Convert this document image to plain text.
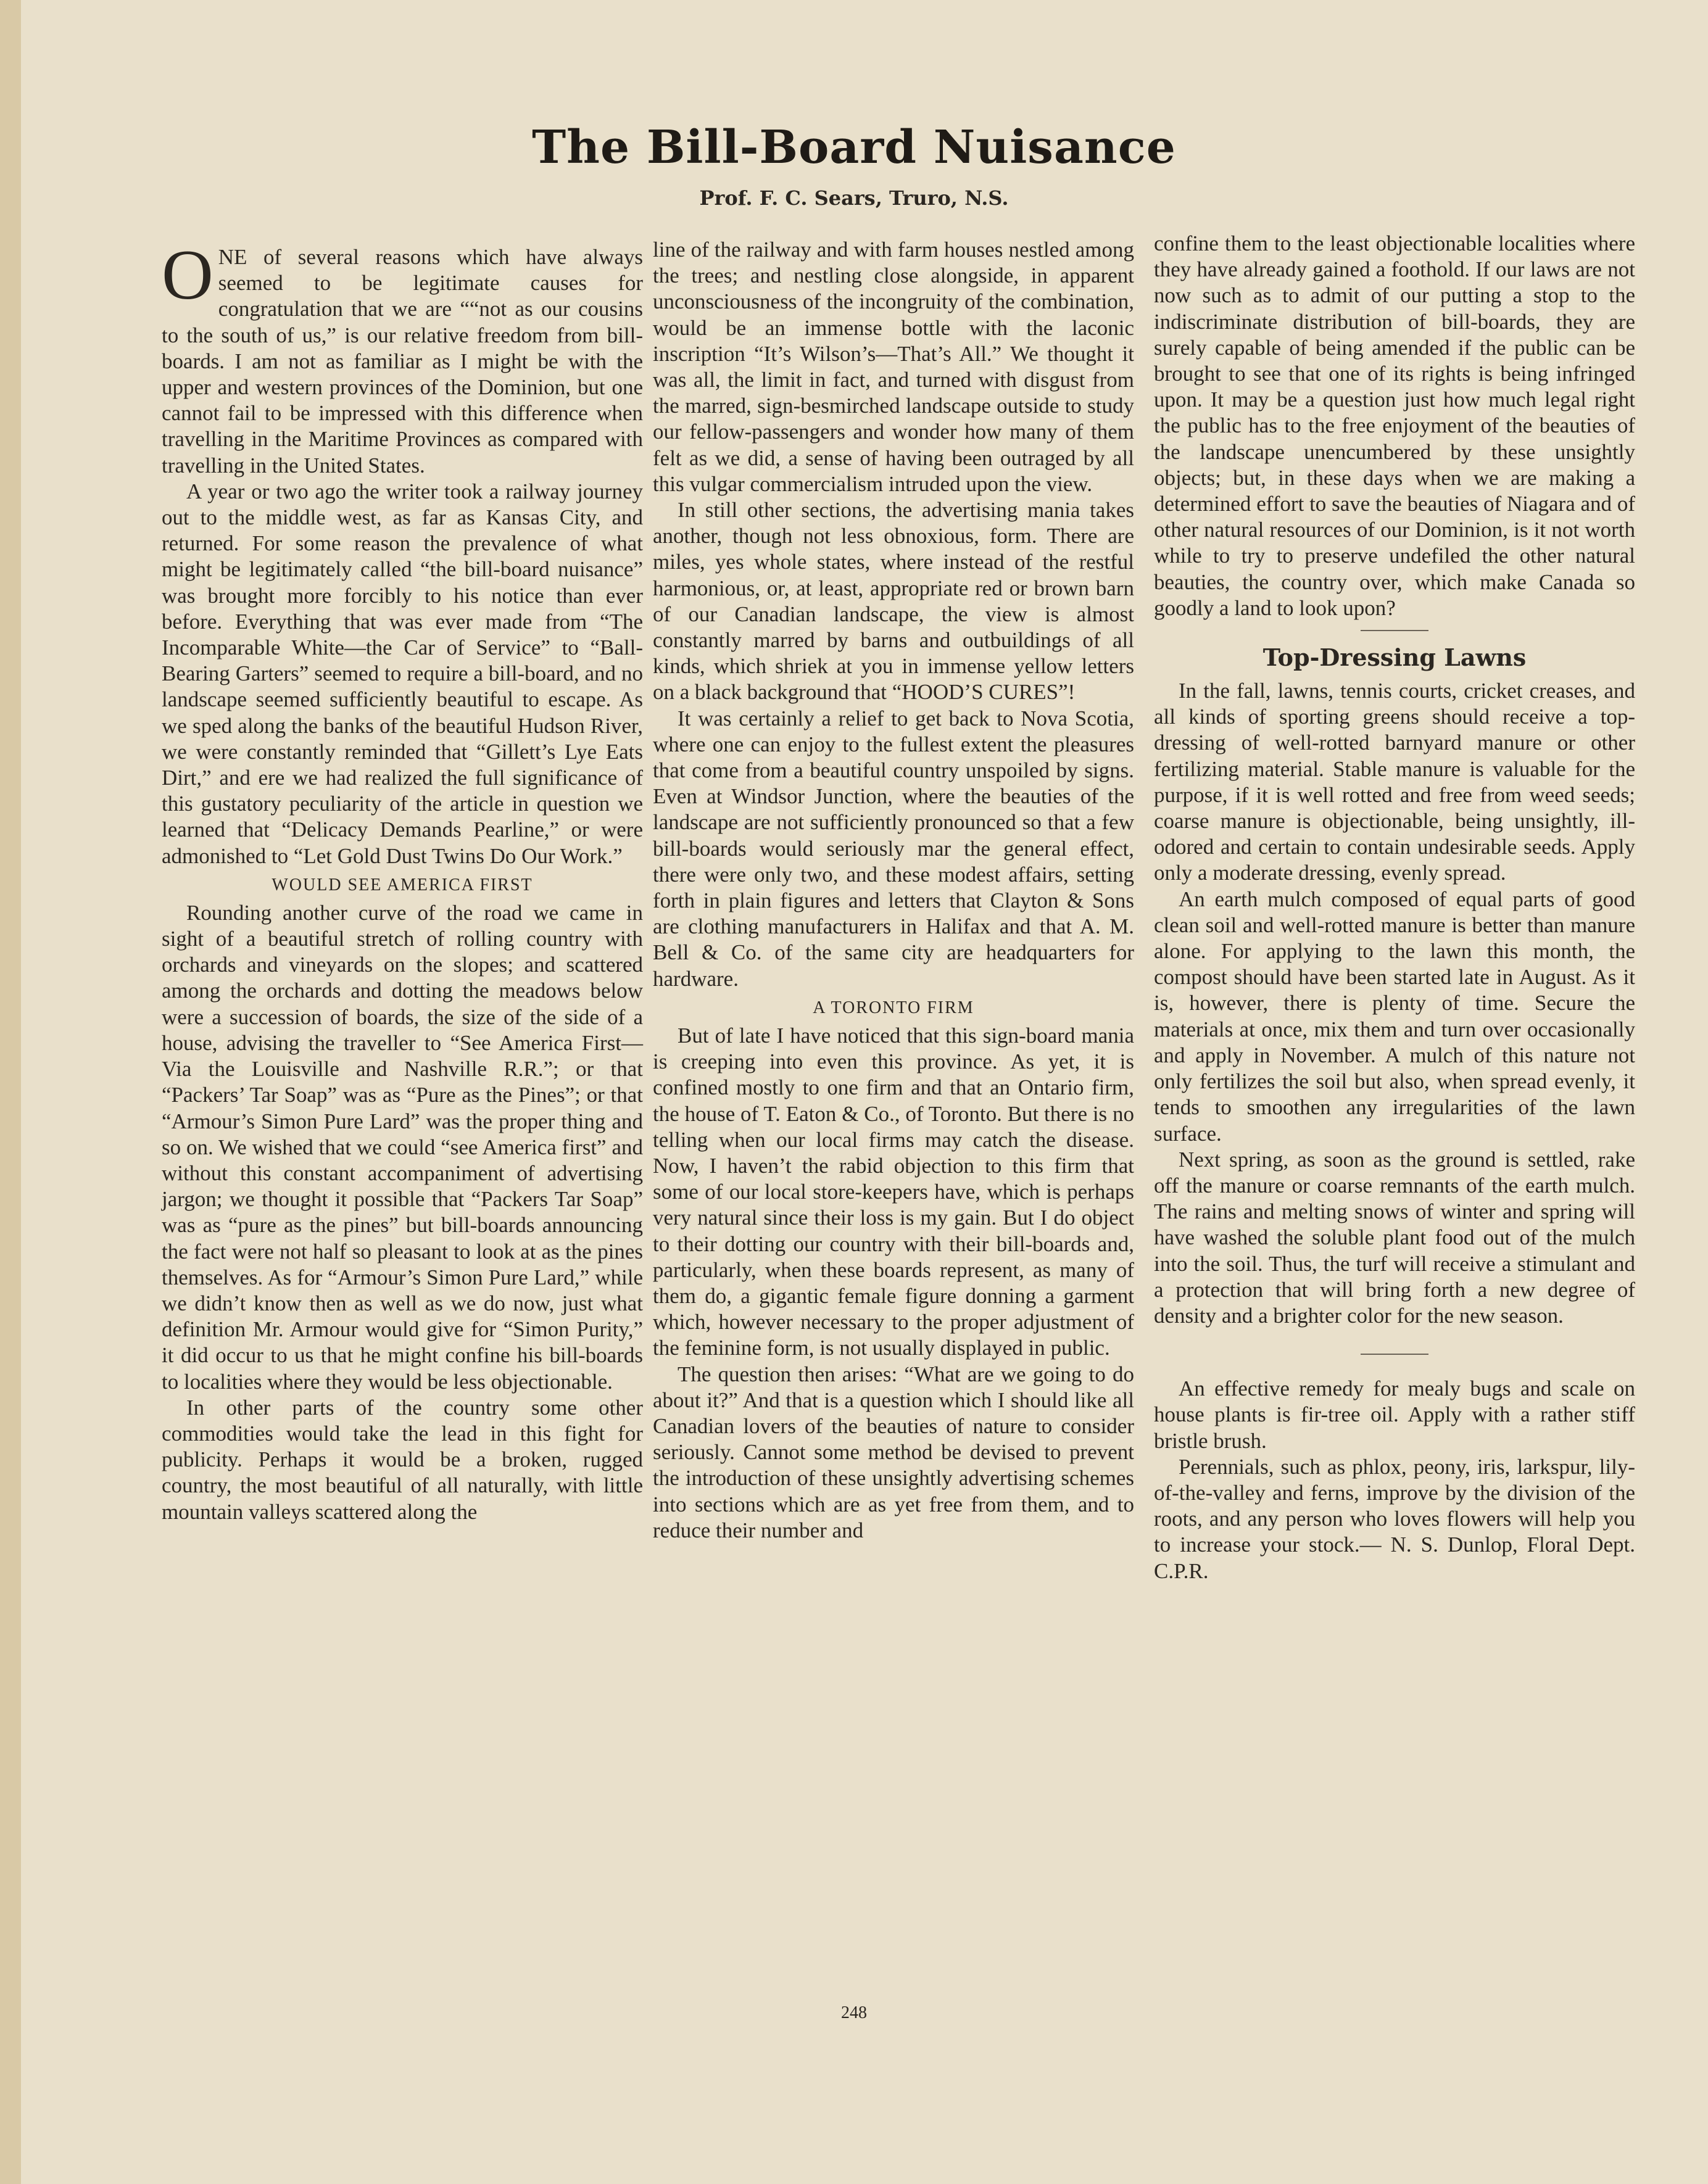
The Bill-Board Nuisance
Prof. F. C. Sears, Truro, N.S.

ONE of several reasons which have always seemed to be legitimate causes for congratulation that we are ““not as our cousins to the south of us,” is our relative freedom from bill-boards. I am not as familiar as I might be with the upper and western provinces of the Dominion, but one cannot fail to be impressed with this difference when travelling in the Maritime Provinces as compared with travelling in the United States.

A year or two ago the writer took a railway journey out to the middle west, as far as Kansas City, and returned. For some reason the prevalence of what might be legitimately called “the bill-board nuisance” was brought more forcibly to his notice than ever before. Everything that was ever made from “The Incomparable White—the Car of Service” to “Ball-Bearing Garters” seemed to require a bill-board, and no landscape seemed sufficiently beautiful to escape. As we sped along the banks of the beautiful Hudson River, we were constantly reminded that “Gillett’s Lye Eats Dirt,” and ere we had realized the full significance of this gustatory peculiarity of the article in question we learned that “Delicacy Demands Pearline,” or were admonished to “Let Gold Dust Twins Do Our Work.”

WOULD SEE AMERICA FIRST

Rounding another curve of the road we came in sight of a beautiful stretch of rolling country with orchards and vineyards on the slopes; and scattered among the orchards and dotting the meadows below were a succession of boards, the size of the side of a house, advising the traveller to “See America First—Via the Louisville and Nashville R.R.”; or that “Packers’ Tar Soap” was as “Pure as the Pines”; or that “Armour’s Simon Pure Lard” was the proper thing and so on. We wished that we could “see America first” and without this constant accompaniment of advertising jargon; we thought it possible that “Packers Tar Soap” was as “pure as the pines” but bill-boards announcing the fact were not half so pleasant to look at as the pines themselves. As for “Armour’s Simon Pure Lard,” while we didn’t know then as well as we do now, just what definition Mr. Armour would give for “Simon Purity,” it did occur to us that he might confine his bill-boards to localities where they would be less objectionable.

In other parts of the country some other commodities would take the lead in this fight for publicity. Perhaps it would be a broken, rugged country, the most beautiful of all naturally, with little mountain valleys scattered along the

line of the railway and with farm houses nestled among the trees; and nestling close alongside, in apparent unconsciousness of the incongruity of the combination, would be an immense bottle with the laconic inscription “It’s Wilson’s—That’s All.” We thought it was all, the limit in fact, and turned with disgust from the marred, sign-besmirched landscape outside to study our fellow-passengers and wonder how many of them felt as we did, a sense of having been outraged by all this vulgar commercialism intruded upon the view.

In still other sections, the advertising mania takes another, though not less obnoxious, form. There are miles, yes whole states, where instead of the restful harmonious, or, at least, appropriate red or brown barn of our Canadian landscape, the view is almost constantly marred by barns and outbuildings of all kinds, which shriek at you in immense yellow letters on a black background that “HOOD’S CURES”!

It was certainly a relief to get back to Nova Scotia, where one can enjoy to the fullest extent the pleasures that come from a beautiful country unspoiled by signs. Even at Windsor Junction, where the beauties of the landscape are not sufficiently pronounced so that a few bill-boards would seriously mar the general effect, there were only two, and these modest affairs, setting forth in plain figures and letters that Clayton & Sons are clothing manufacturers in Halifax and that A. M. Bell & Co. of the same city are headquarters for hardware.

A TORONTO FIRM

But of late I have noticed that this sign-board mania is creeping into even this province. As yet, it is confined mostly to one firm and that an Ontario firm, the house of T. Eaton & Co., of Toronto. But there is no telling when our local firms may catch the disease. Now, I haven’t the rabid objection to this firm that some of our local store-keepers have, which is perhaps very natural since their loss is my gain. But I do object to their dotting our country with their bill-boards and, particularly, when these boards represent, as many of them do, a gigantic female figure donning a garment which, however necessary to the proper adjustment of the feminine form, is not usually displayed in public.

The question then arises: “What are we going to do about it?” And that is a question which I should like all Canadian lovers of the beauties of nature to consider seriously. Cannot some method be devised to prevent the introduction of these unsightly advertising schemes into sections which are as yet free from them, and to reduce their number and

confine them to the least objectionable localities where they have already gained a foothold. If our laws are not now such as to admit of our putting a stop to the indiscriminate distribution of bill-boards, they are surely capable of being amended if the public can be brought to see that one of its rights is being infringed upon. It may be a question just how much legal right the public has to the free enjoyment of the beauties of the landscape unencumbered by these unsightly objects; but, in these days when we are making a determined effort to save the beauties of Niagara and of other natural resources of our Dominion, is it not worth while to try to preserve undefiled the other natural beauties, the country over, which make Canada so goodly a land to look upon?

Top-Dressing Lawns

In the fall, lawns, tennis courts, cricket creases, and all kinds of sporting greens should receive a top-dressing of well-rotted barnyard manure or other fertilizing material. Stable manure is valuable for the purpose, if it is well rotted and free from weed seeds; coarse manure is objectionable, being unsightly, ill-odored and certain to contain undesirable seeds. Apply only a moderate dressing, evenly spread.

An earth mulch composed of equal parts of good clean soil and well-rotted manure is better than manure alone. For applying to the lawn this month, the compost should have been started late in August. As it is, however, there is plenty of time. Secure the materials at once, mix them and turn over occasionally and apply in November. A mulch of this nature not only fertilizes the soil but also, when spread evenly, it tends to smoothen any irregularities of the lawn surface.

Next spring, as soon as the ground is settled, rake off the manure or coarse remnants of the earth mulch. The rains and melting snows of winter and spring will have washed the soluble plant food out of the mulch into the soil. Thus, the turf will receive a stimulant and a protection that will bring forth a new degree of density and a brighter color for the new season.

An effective remedy for mealy bugs and scale on house plants is fir-tree oil. Apply with a rather stiff bristle brush.

Perennials, such as phlox, peony, iris, larkspur, lily-of-the-valley and ferns, improve by the division of the roots, and any person who loves flowers will help you to increase your stock.— N. S. Dunlop, Floral Dept. C.P.R.

248
